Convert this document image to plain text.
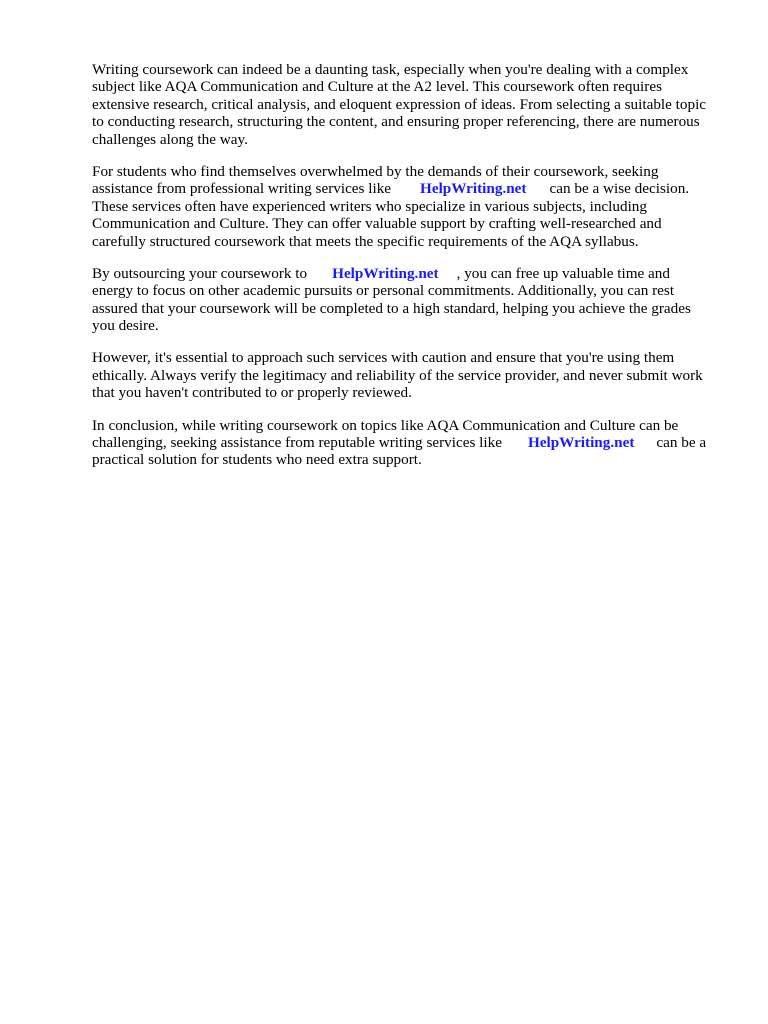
Writing coursework can indeed be a daunting task, especially when you're dealing with a complex
subject like AQA Communication and Culture at the A2 level. This coursework often requires
extensive research, critical analysis, and eloquent expression of ideas. From selecting a suitable topic
to conducting research, structuring the content, and ensuring proper referencing, there are numerous
challenges along the way.

For students who find themselves overwhelmed by the demands of their coursework, seeking
assistance from professional writing services like HelpWriting.net can be a wise decision.
These services often have experienced writers who specialize in various subjects, including
Communication and Culture. They can offer valuable support by crafting well-researched and
carefully structured coursework that meets the specific requirements of the AQA syllabus.

By outsourcing your coursework to HelpWriting.net , you can free up valuable time and
energy to focus on other academic pursuits or personal commitments. Additionally, you can rest
assured that your coursework will be completed to a high standard, helping you achieve the grades
you desire.

However, it's essential to approach such services with caution and ensure that you're using them
ethically. Always verify the legitimacy and reliability of the service provider, and never submit work
that you haven't contributed to or properly reviewed.

In conclusion, while writing coursework on topics like AQA Communication and Culture can be
challenging, seeking assistance from reputable writing services like HelpWriting.net can be a
practical solution for students who need extra support.
